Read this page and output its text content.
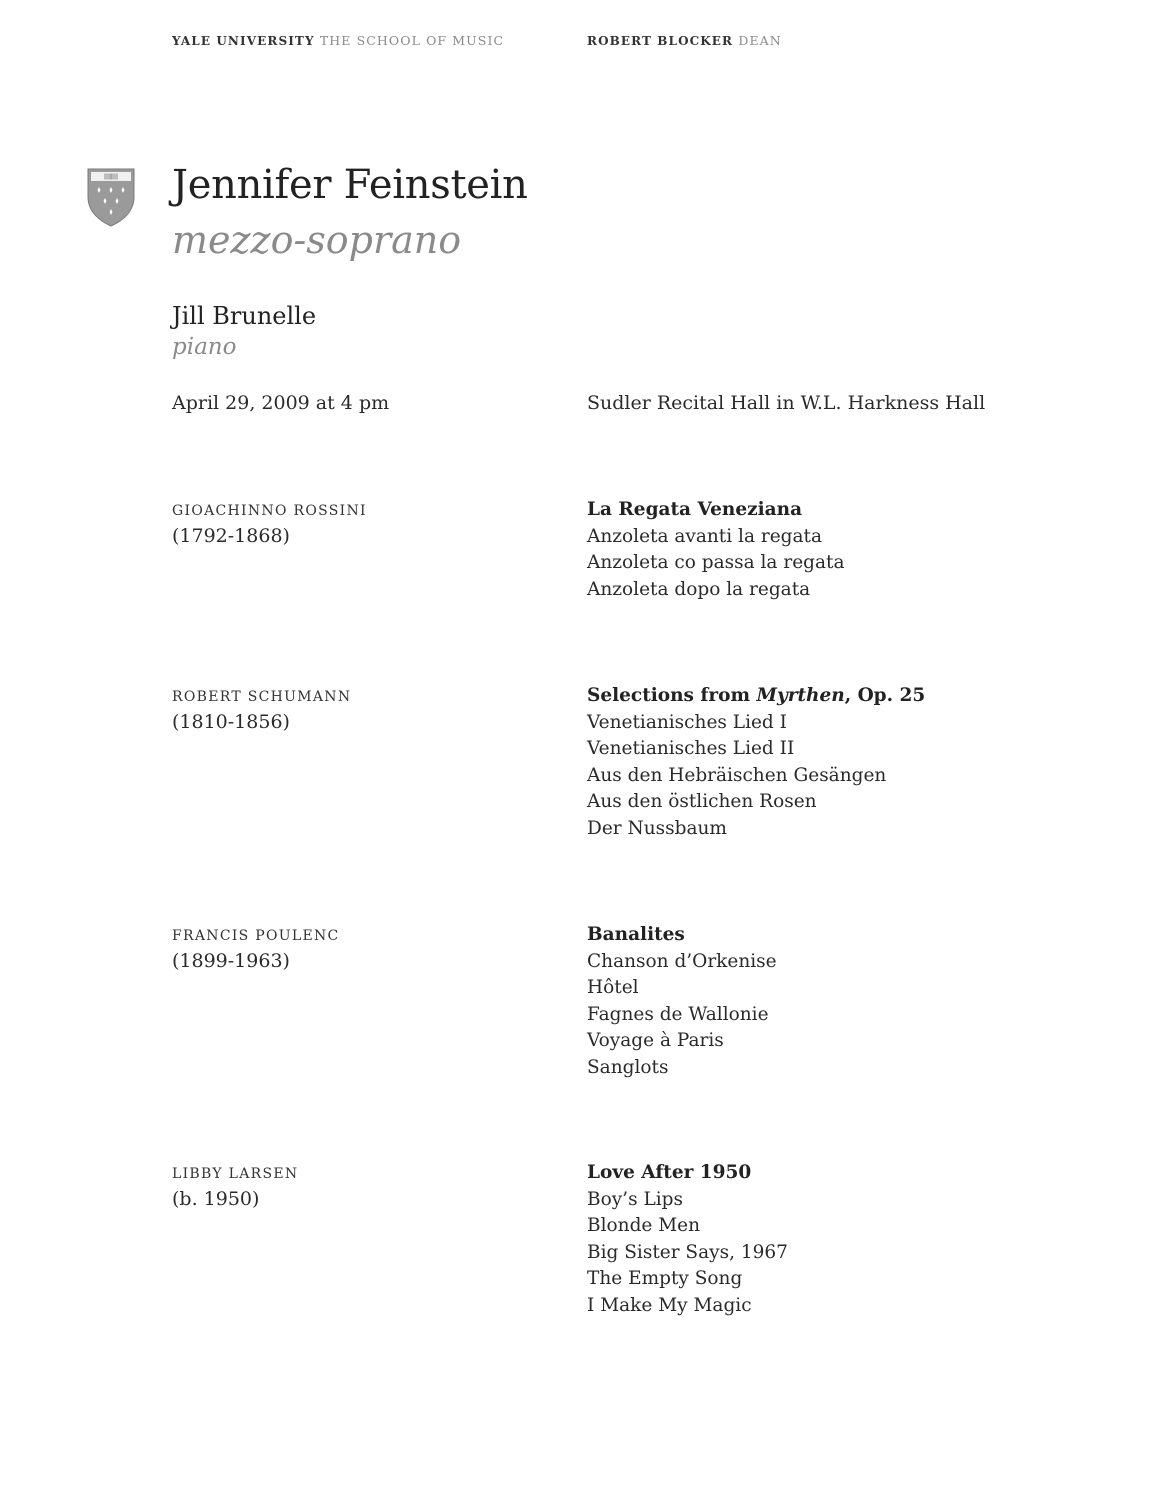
YALE UNIVERSITY THE SCHOOL OF MUSIC	ROBERT BLOCKER DEAN
Jennifer Feinstein
mezzo-soprano
Jill Brunelle
piano
April 29, 2009 at 4 pm	Sudler Recital Hall in W.L. Harkness Hall
GIOACHINNO ROSSINI
(1792-1868)
La Regata Veneziana
Anzoleta avanti la regata
Anzoleta co passa la regata
Anzoleta dopo la regata
ROBERT SCHUMANN
(1810-1856)
Selections from Myrthen, Op. 25
Venetianisches Lied I
Venetianisches Lied II
Aus den Hebräischen Gesängen
Aus den östlichen Rosen
Der Nussbaum
FRANCIS POULENC
(1899-1963)
Banalites
Chanson d’Orkenise
Hôtel
Fagnes de Wallonie
Voyage à Paris
Sanglots
LIBBY LARSEN
(b. 1950)
Love After 1950
Boy’s Lips
Blonde Men
Big Sister Says, 1967
The Empty Song
I Make My Magic
